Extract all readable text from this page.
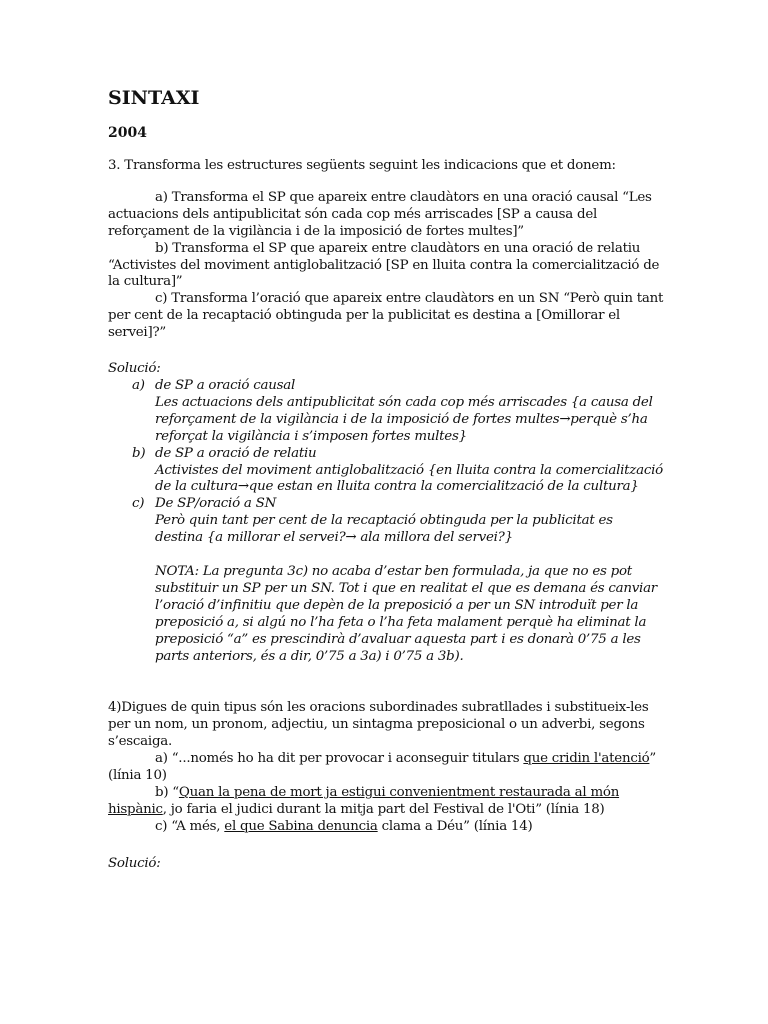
SINTAXI
2004

3. Transforma les estructures següents seguint les indicacions que et donem:

a) Transforma el SP que apareix entre claudàtors en una oració causal “Les actuacions dels antipublicitat són cada cop més arriscades [SP a causa del reforçament de la vigilància i de la imposició de fortes multes]”

b) Transforma el SP que apareix entre claudàtors en una oració de relatiu “Activistes del moviment antiglobalització [SP en lluita contra la comercialització de la cultura]”

c) Transforma l’oració que apareix entre claudàtors en un SN “Però quin tant per cent de la recaptació obtinguda per la publicitat es destina a [Omillorar el servei]?”

Solució:

a) de SP a oració causal

Les actuacions dels antipublicitat són cada cop més arriscades {a causa del reforçament de la vigilància i de la imposició de fortes multes→perquè s’ha reforçat la vigilància i s’imposen fortes multes}

b) de SP a oració de relatiu

Activistes del moviment antiglobalització {en lluita contra la comercialització de la cultura→que estan en lluita contra la comercialització de la cultura}

c) De SP/oració a SN

Però quin tant per cent de la recaptació obtinguda per la publicitat es destina {a millorar el servei?→ ala millora del servei?}

NOTA: La pregunta 3c) no acaba d’estar ben formulada, ja que no es pot substituir un SP per un SN. Tot i que en realitat el que es demana és canviar l’oració d’infinitiu que depèn de la preposició a per un SN introduït per la preposició a, si algú no l’ha feta o l’ha feta malament perquè ha eliminat la preposició “a” es prescindirà d’avaluar aquesta part i es donarà 0’75 a les parts anteriors, és a dir, 0’75 a 3a) i 0’75 a 3b).

4)Digues de quin tipus són les oracions subordinades subratllades i substitueix-les per un nom, un pronom, adjectiu, un sintagma preposicional o un adverbi, segons s’escaiga.

a) “...només ho ha dit per provocar i aconseguir titulars que cridin l'atenció” (línia 10)

b) “Quan la pena de mort ja estigui convenientment restaurada al món hispànic, jo faria el judici durant la mitja part del Festival de l'Oti” (línia 18)

c) “A més, el que Sabina denuncia clama a Déu” (línia 14)

Solució:
